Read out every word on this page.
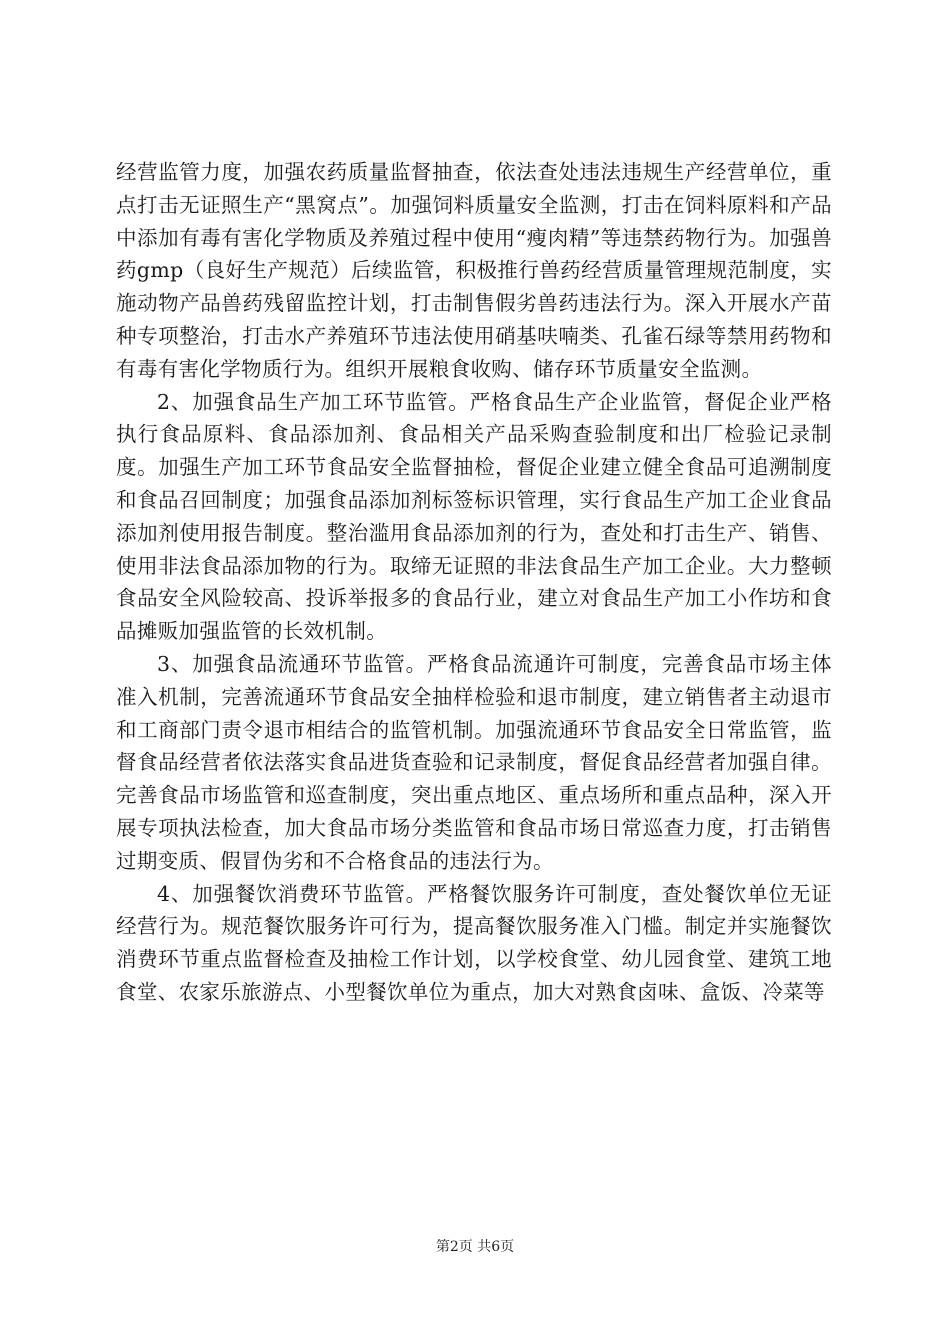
经营监管力度，加强农药质量监督抽查，依法查处违法违规生产经营单位，重点打击无证照生产“黑窝点”。加强饲料质量安全监测，打击在饲料原料和产品中添加有毒有害化学物质及养殖过程中使用“瘦肉精”等违禁药物行为。加强兽药gmp（良好生产规范）后续监管，积极推行兽药经营质量管理规范制度，实施动物产品兽药残留监控计划，打击制售假劣兽药违法行为。深入开展水产苗种专项整治，打击水产养殖环节违法使用硝基呋喃类、孔雀石绿等禁用药物和有毒有害化学物质行为。组织开展粮食收购、储存环节质量安全监测。

2、加强食品生产加工环节监管。严格食品生产企业监管，督促企业严格执行食品原料、食品添加剂、食品相关产品采购查验制度和出厂检验记录制度。加强生产加工环节食品安全监督抽检，督促企业建立健全食品可追溯制度和食品召回制度；加强食品添加剂标签标识管理，实行食品生产加工企业食品添加剂使用报告制度。整治滥用食品添加剂的行为，查处和打击生产、销售、使用非法食品添加物的行为。取缔无证照的非法食品生产加工企业。大力整顿食品安全风险较高、投诉举报多的食品行业，建立对食品生产加工小作坊和食品摊贩加强监管的长效机制。

3、加强食品流通环节监管。严格食品流通许可制度，完善食品市场主体准入机制，完善流通环节食品安全抽样检验和退市制度，建立销售者主动退市和工商部门责令退市相结合的监管机制。加强流通环节食品安全日常监管，监督食品经营者依法落实食品进货查验和记录制度，督促食品经营者加强自律。完善食品市场监管和巡查制度，突出重点地区、重点场所和重点品种，深入开展专项执法检查，加大食品市场分类监管和食品市场日常巡查力度，打击销售过期变质、假冒伪劣和不合格食品的违法行为。

4、加强餐饮消费环节监管。严格餐饮服务许可制度，查处餐饮单位无证经营行为。规范餐饮服务许可行为，提高餐饮服务准入门槛。制定并实施餐饮消费环节重点监督检查及抽检工作计划，以学校食堂、幼儿园食堂、建筑工地食堂、农家乐旅游点、小型餐饮单位为重点，加大对熟食卤味、盒饭、冷菜等

第2页 共6页
